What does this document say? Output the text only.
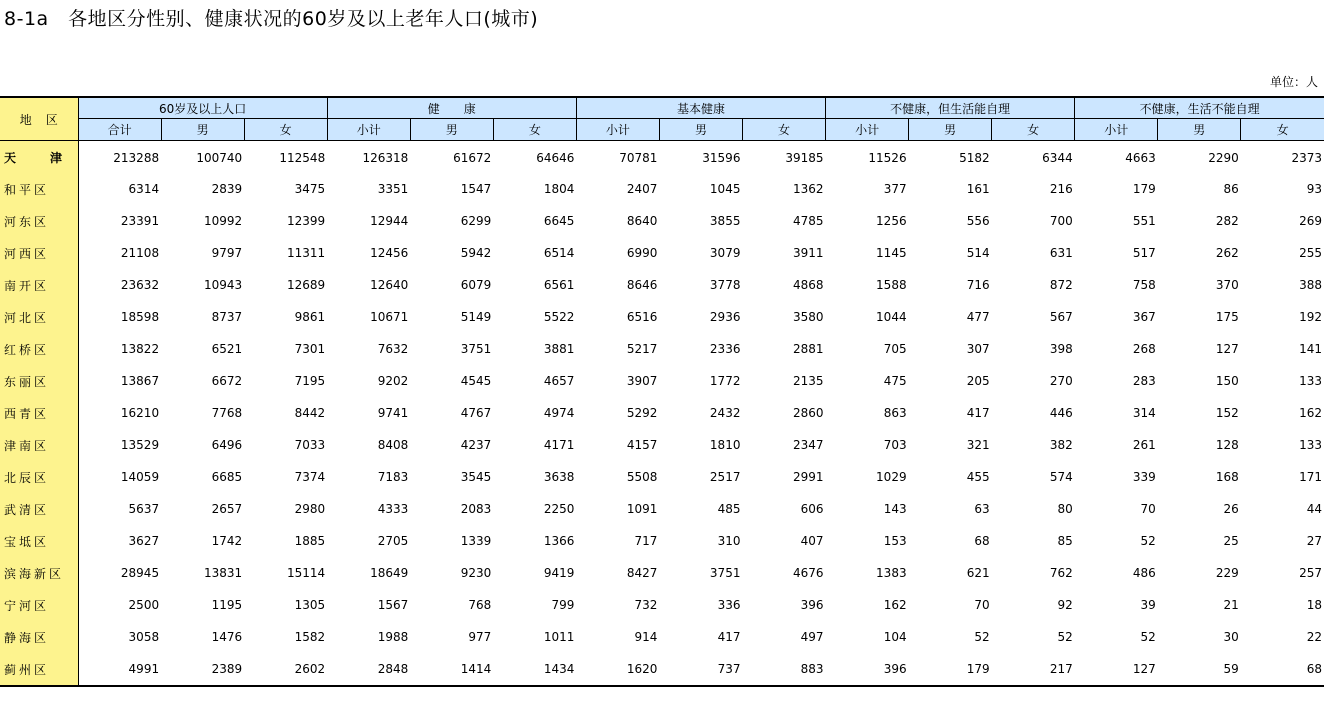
8-1a　各地区分性别、健康状况的60岁及以上老年人口(城市)
单位：人
地区	60岁及以上人口			健　　康			基本健康			不健康，但生活能自理			不健康，生活不能自理		
	合计	男	女	小计	男	女	小计	男	女	小计	男	女	小计	男	女
天 津	213288	100740	112548	126318	61672	64646	70781	31596	39185	11526	5182	6344	4663	2290	2373
和平区	6314	2839	3475	3351	1547	1804	2407	1045	1362	377	161	216	179	86	93
河东区	23391	10992	12399	12944	6299	6645	8640	3855	4785	1256	556	700	551	282	269
河西区	21108	9797	11311	12456	5942	6514	6990	3079	3911	1145	514	631	517	262	255
南开区	23632	10943	12689	12640	6079	6561	8646	3778	4868	1588	716	872	758	370	388
河北区	18598	8737	9861	10671	5149	5522	6516	2936	3580	1044	477	567	367	175	192
红桥区	13822	6521	7301	7632	3751	3881	5217	2336	2881	705	307	398	268	127	141
东丽区	13867	6672	7195	9202	4545	4657	3907	1772	2135	475	205	270	283	150	133
西青区	16210	7768	8442	9741	4767	4974	5292	2432	2860	863	417	446	314	152	162
津南区	13529	6496	7033	8408	4237	4171	4157	1810	2347	703	321	382	261	128	133
北辰区	14059	6685	7374	7183	3545	3638	5508	2517	2991	1029	455	574	339	168	171
武清区	5637	2657	2980	4333	2083	2250	1091	485	606	143	63	80	70	26	44
宝坻区	3627	1742	1885	2705	1339	1366	717	310	407	153	68	85	52	25	27
滨海新区	28945	13831	15114	18649	9230	9419	8427	3751	4676	1383	621	762	486	229	257
宁河区	2500	1195	1305	1567	768	799	732	336	396	162	70	92	39	21	18
静海区	3058	1476	1582	1988	977	1011	914	417	497	104	52	52	52	30	22
蓟州区	4991	2389	2602	2848	1414	1434	1620	737	883	396	179	217	127	59	68
